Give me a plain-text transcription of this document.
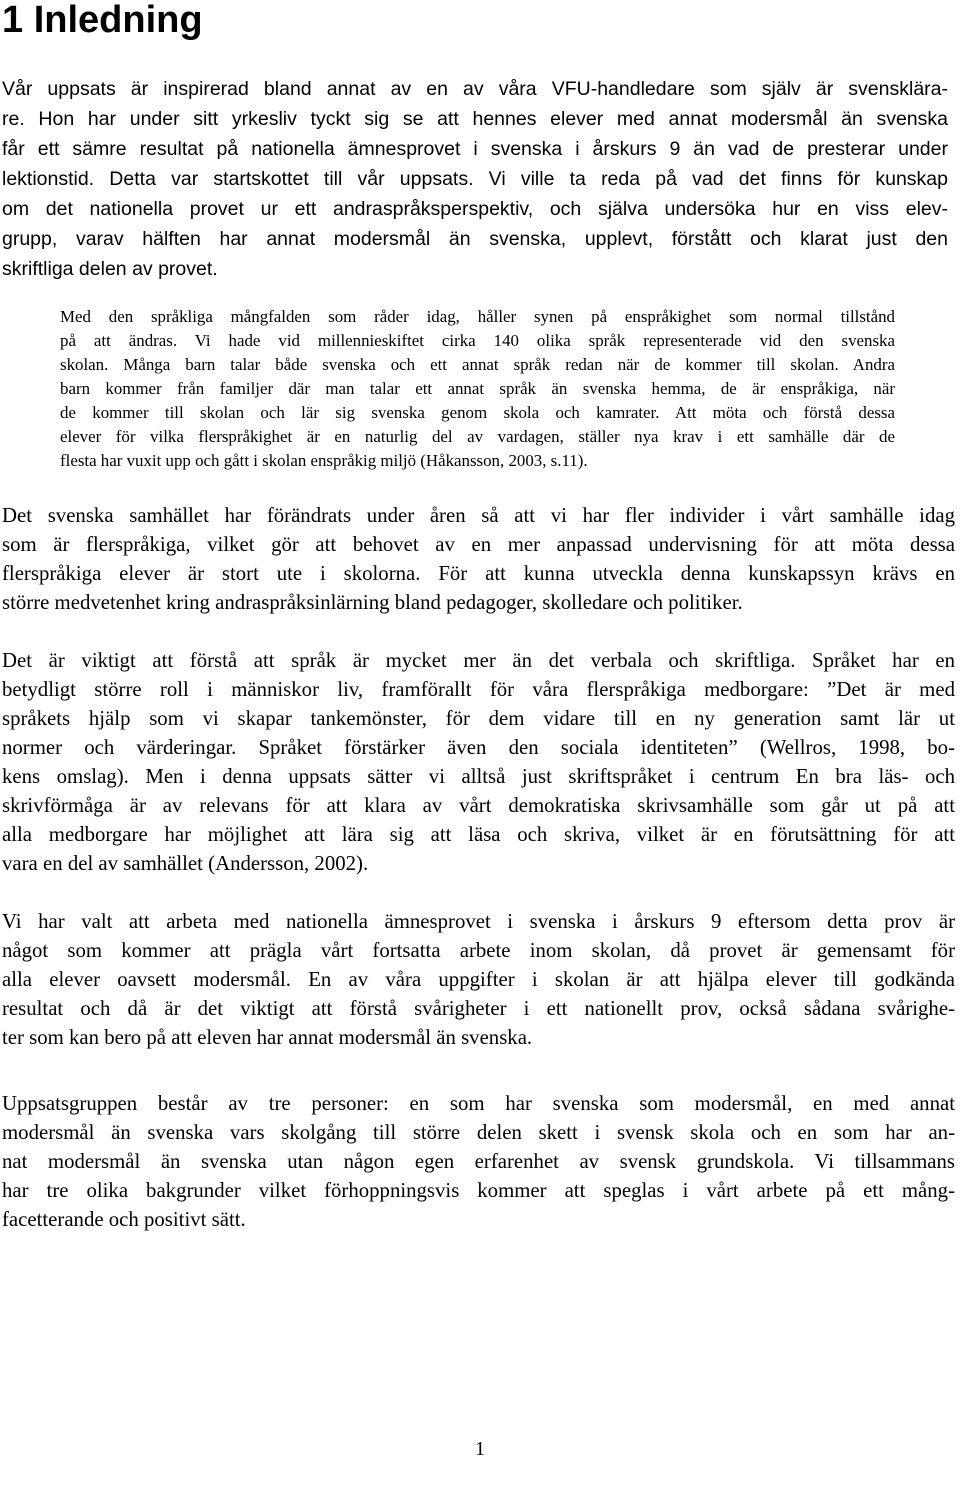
1 Inledning
Vår uppsats är inspirerad bland annat av en av våra VFU-handledare som själv är svensklära-
re. Hon har under sitt yrkesliv tyckt sig se att hennes elever med annat modersmål än svenska
får ett sämre resultat på nationella ämnesprovet i svenska i årskurs 9 än vad de presterar under
lektionstid. Detta var startskottet till vår uppsats. Vi ville ta reda på vad det finns för kunskap
om det nationella provet ur ett andraspråksperspektiv, och själva undersöka hur en viss elev-
grupp, varav hälften har annat modersmål än svenska, upplevt, förstått och klarat just den
skriftliga delen av provet.
Med den språkliga mångfalden som råder idag, håller synen på enspråkighet som normal tillstånd
på att ändras. Vi hade vid millennieskiftet cirka 140 olika språk representerade vid den svenska
skolan. Många barn talar både svenska och ett annat språk redan när de kommer till skolan. Andra
barn kommer från familjer där man talar ett annat språk än svenska hemma, de är enspråkiga, när
de kommer till skolan och lär sig svenska genom skola och kamrater. Att möta och förstå dessa
elever för vilka flerspråkighet är en naturlig del av vardagen, ställer nya krav i ett samhälle där de
flesta har vuxit upp och gått i skolan enspråkig miljö (Håkansson, 2003, s.11).
Det svenska samhället har förändrats under åren så att vi har fler individer i vårt samhälle idag
som är flerspråkiga, vilket gör att behovet av en mer anpassad undervisning för att möta dessa
flerspråkiga elever är stort ute i skolorna. För att kunna utveckla denna kunskapssyn krävs en
större medvetenhet kring andraspråksinlärning bland pedagoger, skolledare och politiker.
Det är viktigt att förstå att språk är mycket mer än det verbala och skriftliga. Språket har en
betydligt större roll i människor liv, framförallt för våra flerspråkiga medborgare: ”Det är med
språkets hjälp som vi skapar tankemönster, för dem vidare till en ny generation samt lär ut
normer och värderingar. Språket förstärker även den sociala identiteten” (Wellros, 1998, bo-
kens omslag). Men i denna uppsats sätter vi alltså just skriftspråket i centrum En bra läs- och
skrivförmåga är av relevans för att klara av vårt demokratiska skrivsamhälle som går ut på att
alla medborgare har möjlighet att lära sig att läsa och skriva, vilket är en förutsättning för att
vara en del av samhället (Andersson, 2002).
Vi har valt att arbeta med nationella ämnesprovet i svenska i årskurs 9 eftersom detta prov är
något som kommer att prägla vårt fortsatta arbete inom skolan, då provet är gemensamt för
alla elever oavsett modersmål. En av våra uppgifter i skolan är att hjälpa elever till godkända
resultat och då är det viktigt att förstå svårigheter i ett nationellt prov, också sådana svårighe-
ter som kan bero på att eleven har annat modersmål än svenska.
Uppsatsgruppen består av tre personer: en som har svenska som modersmål, en med annat
modersmål än svenska vars skolgång till större delen skett i svensk skola och en som har an-
nat modersmål än svenska utan någon egen erfarenhet av svensk grundskola. Vi tillsammans
har tre olika bakgrunder vilket förhoppningsvis kommer att speglas i vårt arbete på ett mång-
facetterande och positivt sätt.

1
